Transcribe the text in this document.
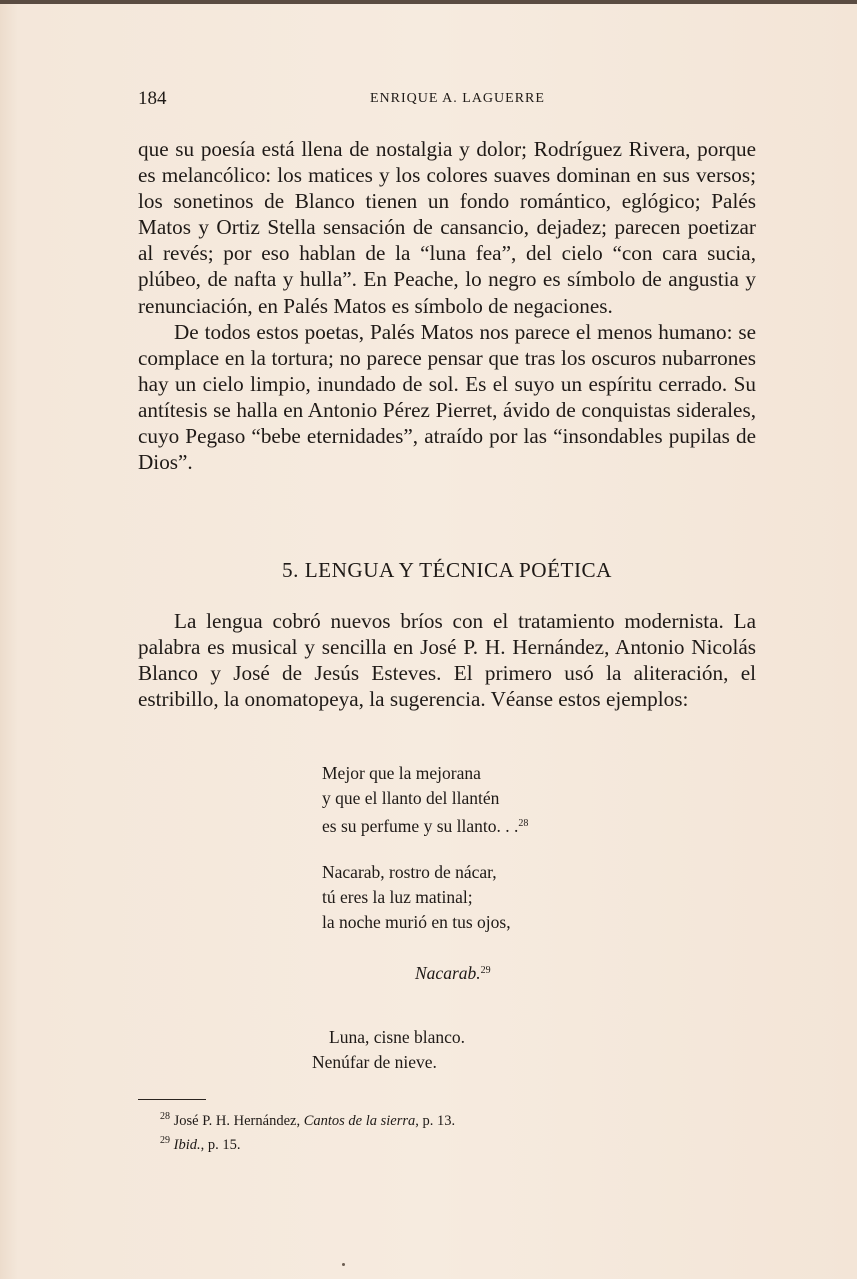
184	ENRIQUE A. LAGUERRE

que su poesía está llena de nostalgia y dolor; Rodríguez Rivera, porque es melancólico: los matices y los colores suaves dominan en sus versos; los sonetinos de Blanco tienen un fondo romántico, eglógico; Palés Matos y Ortiz Stella sensación de cansancio, dejadez; parecen poetizar al revés; por eso hablan de la “luna fea”, del cielo “con cara sucia, plúbeo, de nafta y hulla”. En Peache, lo negro es símbolo de angustia y renunciación, en Palés Matos es símbolo de negaciones.

De todos estos poetas, Palés Matos nos parece el menos humano: se complace en la tortura; no parece pensar que tras los oscuros nubarrones hay un cielo limpio, inundado de sol. Es el suyo un espíritu cerrado. Su antítesis se halla en Antonio Pérez Pierret, ávido de conquistas siderales, cuyo Pegaso “bebe eternidades”, atraído por las “insondables pupilas de Dios”.

5. LENGUA Y TÉCNICA POÉTICA

La lengua cobró nuevos bríos con el tratamiento modernista. La palabra es musical y sencilla en José P. H. Hernández, Antonio Nicolás Blanco y José de Jesús Esteves. El primero usó la aliteración, el estribillo, la onomatopeya, la sugerencia. Véanse estos ejemplos:

Mejor que la mejorana
y que el llanto del llantén
es su perfume y su llanto. . .$^{28}$
Nacarab, rostro de nácar,
tú eres la luz matinal;
la noche murió en tus ojos,
Nacarab.$^{29}$
Luna, cisne blanco.
Nenúfar de nieve.
$^{28}$ José P. H. Hernández, Cantos de la sierra, p. 13.
$^{29}$ Ibid., p. 15.
